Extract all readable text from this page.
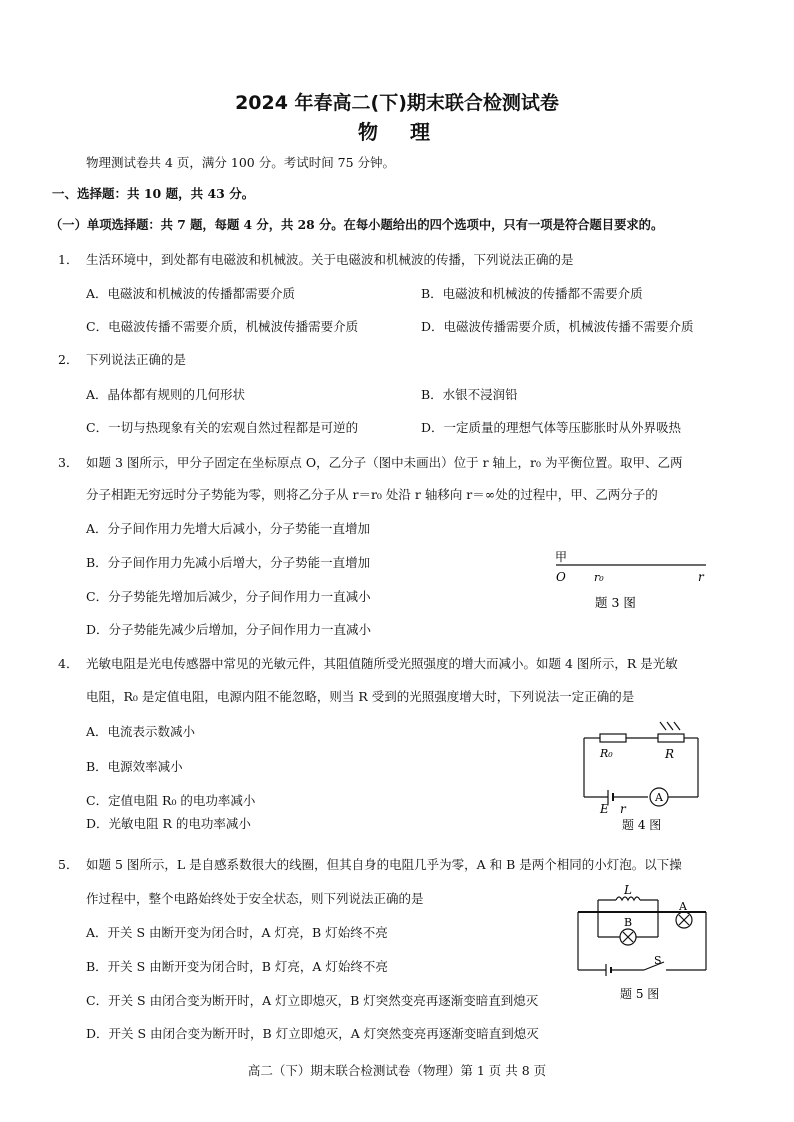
2024 年春高二(下)期末联合检测试卷
物　理
物理测试卷共 4 页，满分 100 分。考试时间 75 分钟。
一、选择题：共 10 题，共 43 分。
（一）单项选择题：共 7 题，每题 4 分，共 28 分。在每小题给出的四个选项中，只有一项是符合题目要求的。
1． 生活环境中，到处都有电磁波和机械波。关于电磁波和机械波的传播，下列说法正确的是
A．电磁波和机械波的传播都需要介质	B．电磁波和机械波的传播都不需要介质
C．电磁波传播不需要介质，机械波传播需要介质	D．电磁波传播需要介质，机械波传播不需要介质
2． 下列说法正确的是
A．晶体都有规则的几何形状	B．水银不浸润铅
C．一切与热现象有关的宏观自然过程都是可逆的	D．一定质量的理想气体等压膨胀时从外界吸热
3． 如题 3 图所示，甲分子固定在坐标原点 O，乙分子（图中未画出）位于 r 轴上，r₀ 为平衡位置。取甲、乙两
分子相距无穷远时分子势能为零，则将乙分子从 r＝r₀ 处沿 r 轴移向 r＝∞处的过程中，甲、乙两分子的
A．分子间作用力先增大后减小，分子势能一直增加
B．分子间作用力先减小后增大，分子势能一直增加
C．分子势能先增加后减少，分子间作用力一直减小
D．分子势能先减少后增加，分子间作用力一直减小
甲
O	r₀	r
题 3 图
4． 光敏电阻是光电传感器中常见的光敏元件，其阻值随所受光照强度的增大而减小。如题 4 图所示，R 是光敏
电阻，R₀ 是定值电阻，电源内阻不能忽略，则当 R 受到的光照强度增大时，下列说法一定正确的是
A．电流表示数减小
B．电源效率减小
C．定值电阻 R₀ 的电功率减小
D．光敏电阻 R 的电功率减小
R₀	R
E r
A
题 4 图
5． 如题 5 图所示，L 是自感系数很大的线圈，但其自身的电阻几乎为零，A 和 B 是两个相同的小灯泡。以下操
作过程中，整个电路始终处于安全状态，则下列说法正确的是
A．开关 S 由断开变为闭合时，A 灯亮，B 灯始终不亮
B．开关 S 由断开变为闭合时，B 灯亮，A 灯始终不亮
C．开关 S 由闭合变为断开时，A 灯立即熄灭，B 灯突然变亮再逐渐变暗直到熄灭
D．开关 S 由闭合变为断开时，B 灯立即熄灭，A 灯突然变亮再逐渐变暗直到熄灭
L
A
B
S
题 5 图
高二（下）期末联合检测试卷（物理）第 1 页 共 8 页
